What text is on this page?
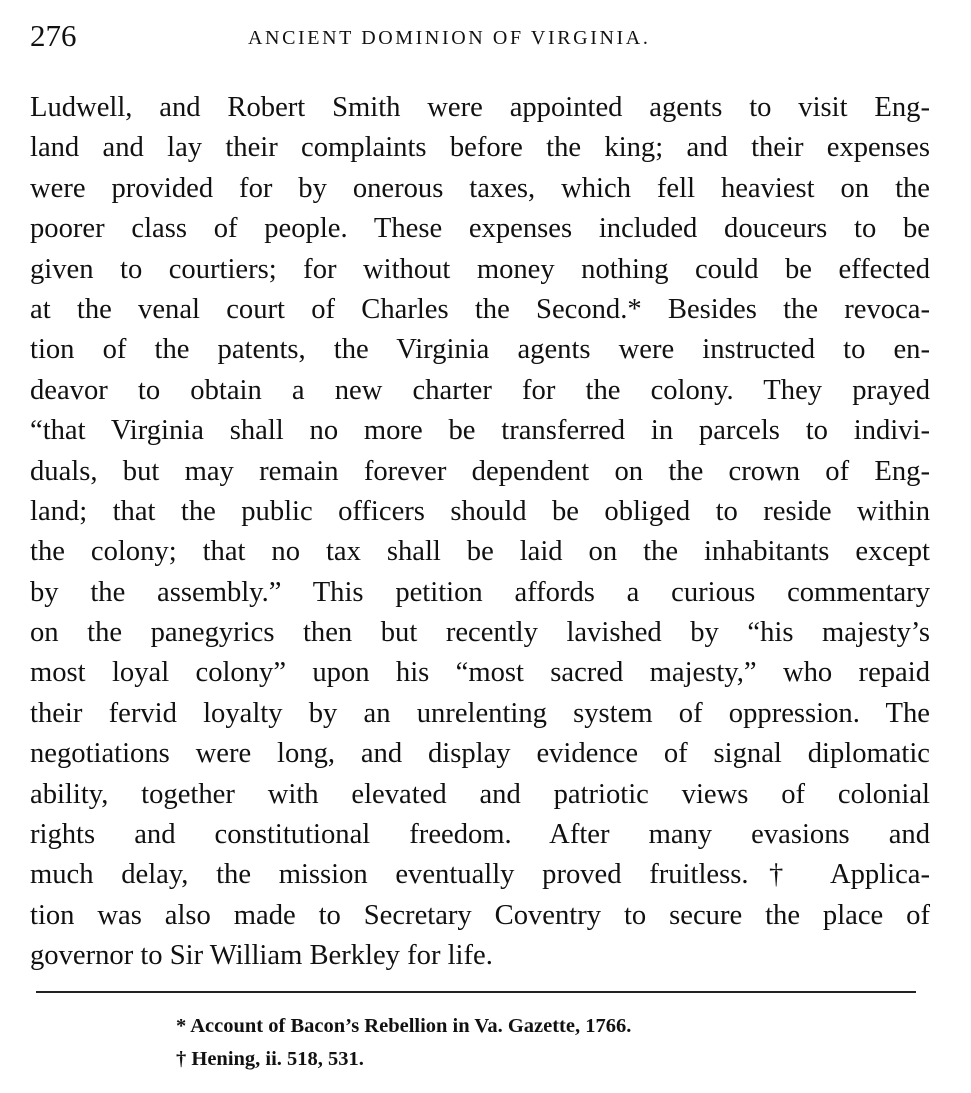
276	ANCIENT DOMINION OF VIRGINIA.
Ludwell, and Robert Smith were appointed agents to visit Eng-
land and lay their complaints before the king; and their expenses
were provided for by onerous taxes, which fell heaviest on the
poorer class of people. These expenses included douceurs to be
given to courtiers; for without money nothing could be effected
at the venal court of Charles the Second.* Besides the revoca-
tion of the patents, the Virginia agents were instructed to en-
deavor to obtain a new charter for the colony. They prayed
“that Virginia shall no more be transferred in parcels to indivi-
duals, but may remain forever dependent on the crown of Eng-
land; that the public officers should be obliged to reside within
the colony; that no tax shall be laid on the inhabitants except
by the assembly.” This petition affords a curious commentary
on the panegyrics then but recently lavished by “his majesty’s
most loyal colony” upon his “most sacred majesty,” who repaid
their fervid loyalty by an unrelenting system of oppression. The
negotiations were long, and display evidence of signal diplomatic
ability, together with elevated and patriotic views of colonial
rights and constitutional freedom. After many evasions and
much delay, the mission eventually proved fruitless.† Applica-
tion was also made to Secretary Coventry to secure the place of
governor to Sir William Berkley for life.
* Account of Bacon’s Rebellion in Va. Gazette, 1766.
† Hening, ii. 518, 531.
